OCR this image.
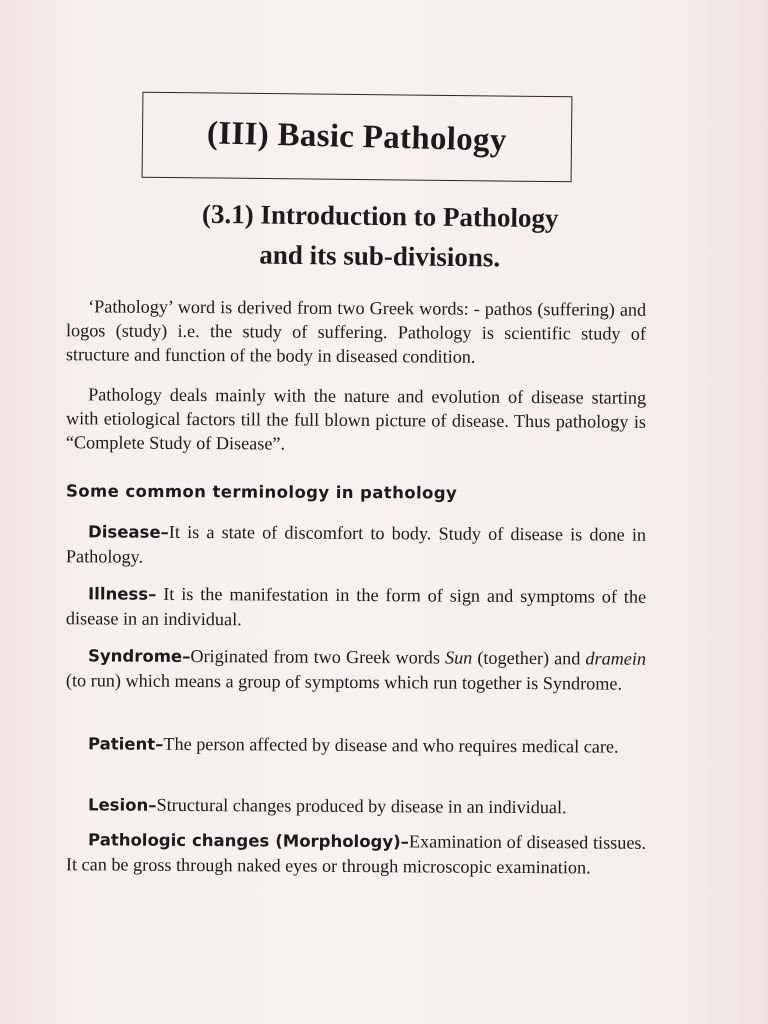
(III) Basic Pathology
(3.1) Introduction to Pathology
and its sub-divisions.
‘Pathology’ word is derived from two Greek words: - pathos (suffering) and logos (study) i.e. the study of suffering. Pathology is scientific study of structure and function of the body in diseased condition.
Pathology deals mainly with the nature and evolution of disease starting with etiological factors till the full blown picture of disease. Thus pathology is “Complete Study of Disease”.
Some common terminology in pathology
Disease–It is a state of discomfort to body. Study of disease is done in Pathology.
Illness– It is the manifestation in the form of sign and symptoms of the disease in an individual.
Syndrome–Originated from two Greek words Sun (together) and dramein (to run) which means a group of symptoms which run together is Syndrome.
Patient–The person affected by disease and who requires medical care.
Lesion–Structural changes produced by disease in an individual.
Pathologic changes (Morphology)–Examination of diseased tissues. It can be gross through naked eyes or through microscopic examination.
